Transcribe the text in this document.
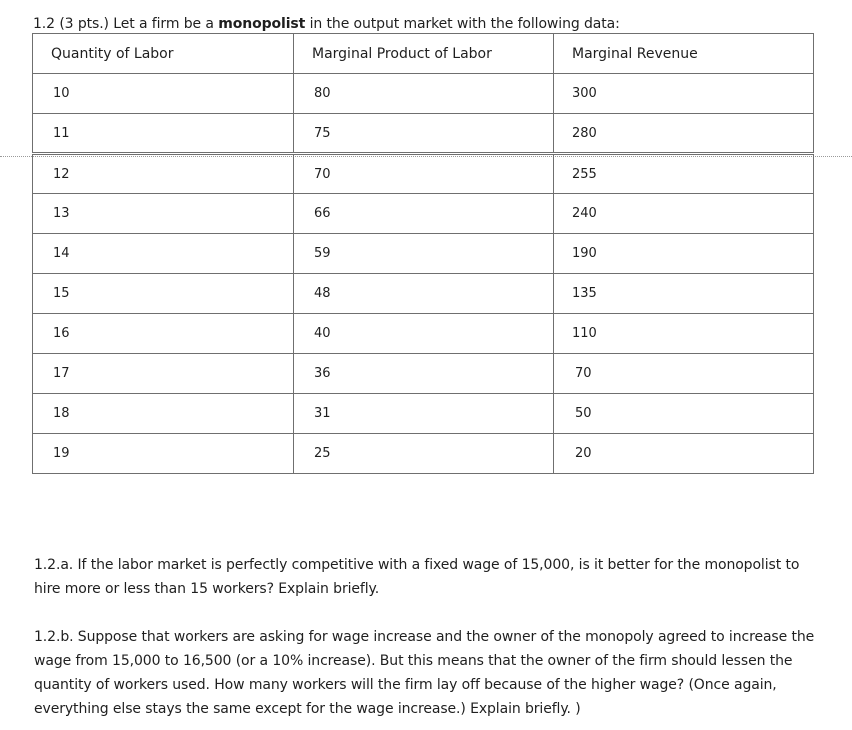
1.2 (3 pts.) Let a firm be a monopolist in the output market with the following data:
Quantity of Labor	Marginal Product of Labor	Marginal Revenue
10	80	300
11	75	280
12	70	255
13	66	240
14	59	190
15	48	135
16	40	110
17	36	70
18	31	50
19	25	20

1.2.a. If the labor market is perfectly competitive with a fixed wage of 15,000, is it better for the monopolist to hire more or less than 15 workers? Explain briefly.

1.2.b. Suppose that workers are asking for wage increase and the owner of the monopoly agreed to increase the wage from 15,000 to 16,500 (or a 10% increase). But this means that the owner of the firm should lessen the quantity of workers used. How many workers will the firm lay off because of the higher wage? (Once again, everything else stays the same except for the wage increase.) Explain briefly. )
